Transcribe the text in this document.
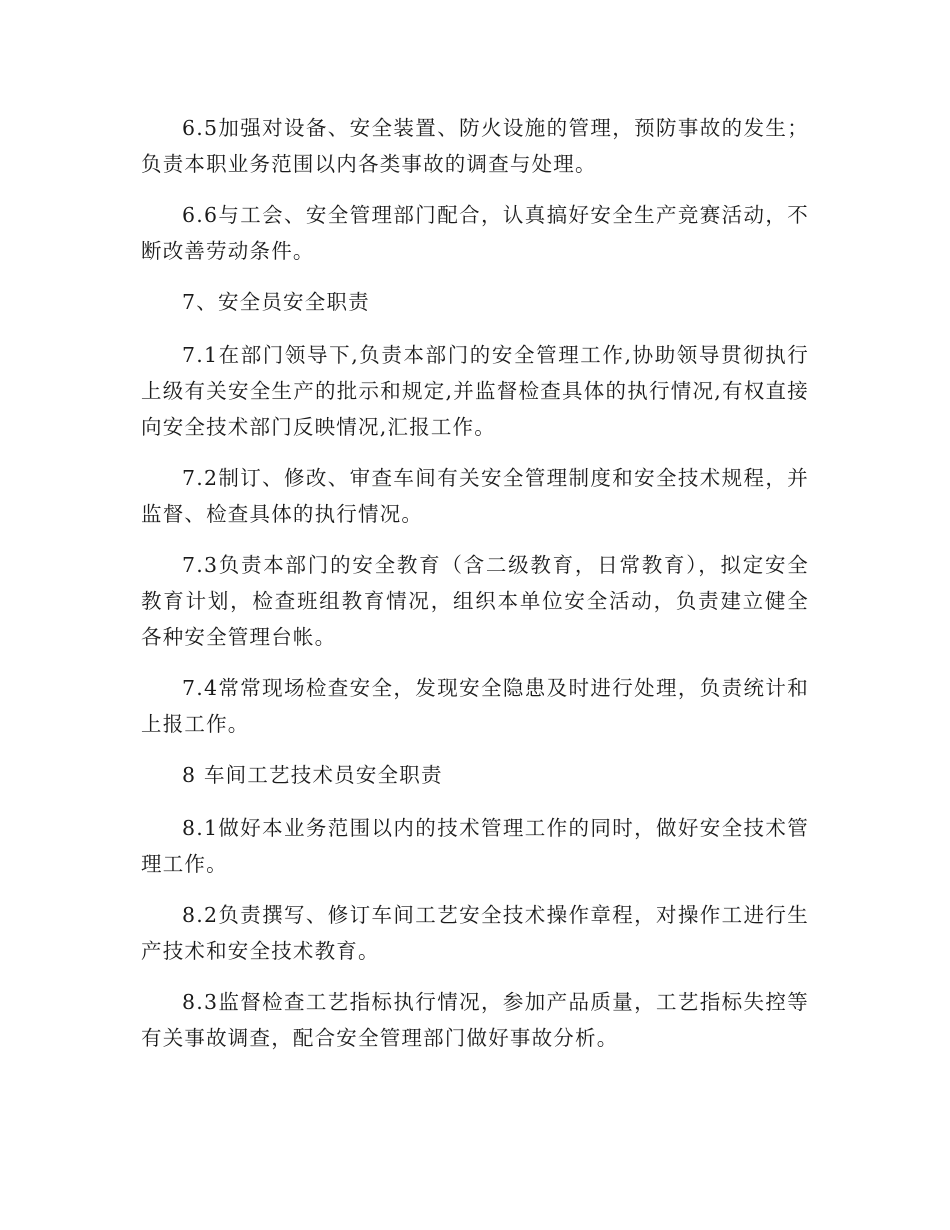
6.5加强对设备、安全装置、防火设施的管理，预防事故的发生；负责本职业务范围以内各类事故的调查与处理。

6.6与工会、安全管理部门配合，认真搞好安全生产竞赛活动，不断改善劳动条件。

7、安全员安全职责

7.1在部门领导下,负责本部门的安全管理工作,协助领导贯彻执行上级有关安全生产的批示和规定,并监督检查具体的执行情况,有权直接向安全技术部门反映情况,汇报工作。

7.2制订、修改、审查车间有关安全管理制度和安全技术规程，并监督、检查具体的执行情况。

7.3负责本部门的安全教育（含二级教育，日常教育），拟定安全教育计划，检查班组教育情况，组织本单位安全活动，负责建立健全各种安全管理台帐。

7.4常常现场检查安全，发现安全隐患及时进行处理，负责统计和上报工作。

8 车间工艺技术员安全职责

8.1做好本业务范围以内的技术管理工作的同时，做好安全技术管理工作。

8.2负责撰写、修订车间工艺安全技术操作章程，对操作工进行生产技术和安全技术教育。

8.3监督检查工艺指标执行情况，参加产品质量，工艺指标失控等有关事故调查，配合安全管理部门做好事故分析。
